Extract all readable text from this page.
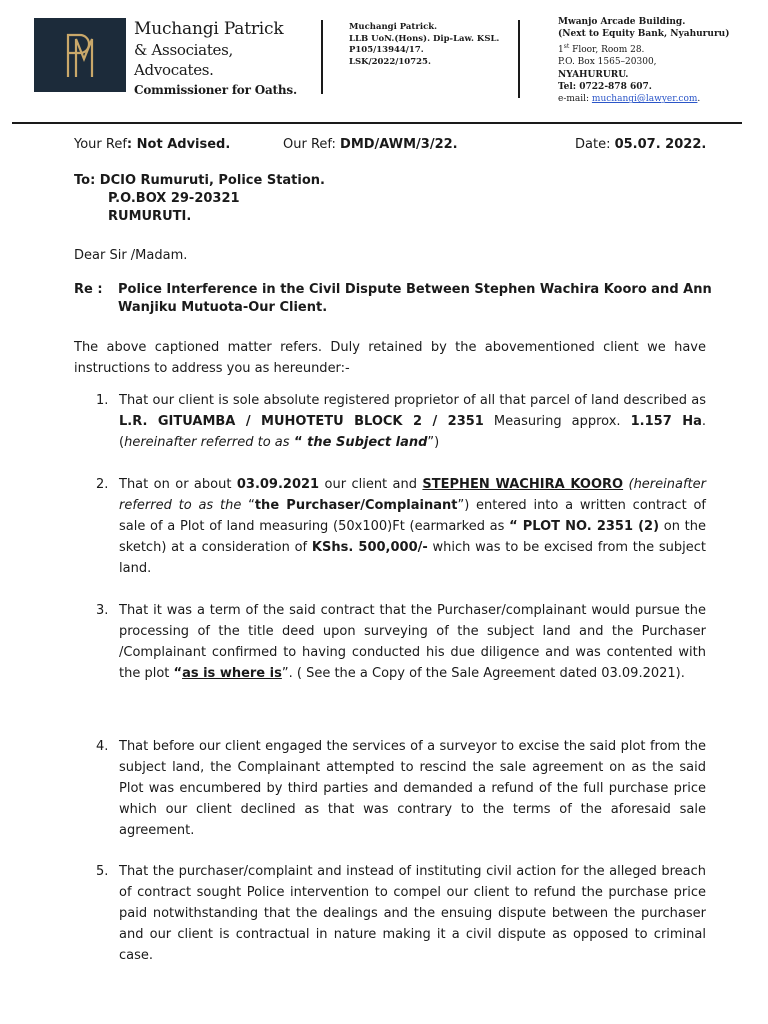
Muchangi Patrick
& Associates, Advocates.
Commissioner for Oaths.
Muchangi Patrick.
LLB UoN.(Hons). Dip-Law. KSL.
P105/13944/17.
LSK/2022/10725.
Mwanjo Arcade Building.
(Next to Equity Bank, Nyahururu)
1st Floor, Room 28.
P.O. Box 1565–20300,
NYAHURURU.
Tel: 0722-878 607.
e-mail: muchangi@lawyer.com.
Your Ref: Not Advised.	Our Ref: DMD/AWM/3/22.	Date: 05.07. 2022.
To: DCIO Rumuruti, Police Station.
P.O.BOX 29-20321
RUMURUTI.
Dear Sir /Madam.
Re : Police Interference in the Civil Dispute Between Stephen Wachira Kooro and Ann Wanjiku Mutuota-Our Client.
The above captioned matter refers. Duly retained by the abovementioned client we have instructions to address you as hereunder:-
1. That our client is sole absolute registered proprietor of all that parcel of land described as L.R. GITUAMBA / MUHOTETU BLOCK 2 / 2351 Measuring approx. 1.157 Ha. (hereinafter referred to as “ the Subject land”)
2. That on or about 03.09.2021 our client and STEPHEN WACHIRA KOORO (hereinafter referred to as the “the Purchaser/Complainant”) entered into a written contract of sale of a Plot of land measuring (50x100)Ft (earmarked as “ PLOT NO. 2351 (2) on the sketch) at a consideration of KShs. 500,000/- which was to be excised from the subject land.
3. That it was a term of the said contract that the Purchaser/complainant would pursue the processing of the title deed upon surveying of the subject land and the Purchaser /Complainant confirmed to having conducted his due diligence and was contented with the plot “as is where is”. ( See the a Copy of the Sale Agreement dated 03.09.2021).
4. That before our client engaged the services of a surveyor to excise the said plot from the subject land, the Complainant attempted to rescind the sale agreement on as the said Plot was encumbered by third parties and demanded a refund of the full purchase price which our client declined as that was contrary to the terms of the aforesaid sale agreement.
5. That the purchaser/complaint and instead of instituting civil action for the alleged breach of contract sought Police intervention to compel our client to refund the purchase price paid notwithstanding that the dealings and the ensuing dispute between the purchaser and our client is contractual in nature making it a civil dispute as opposed to criminal case.
